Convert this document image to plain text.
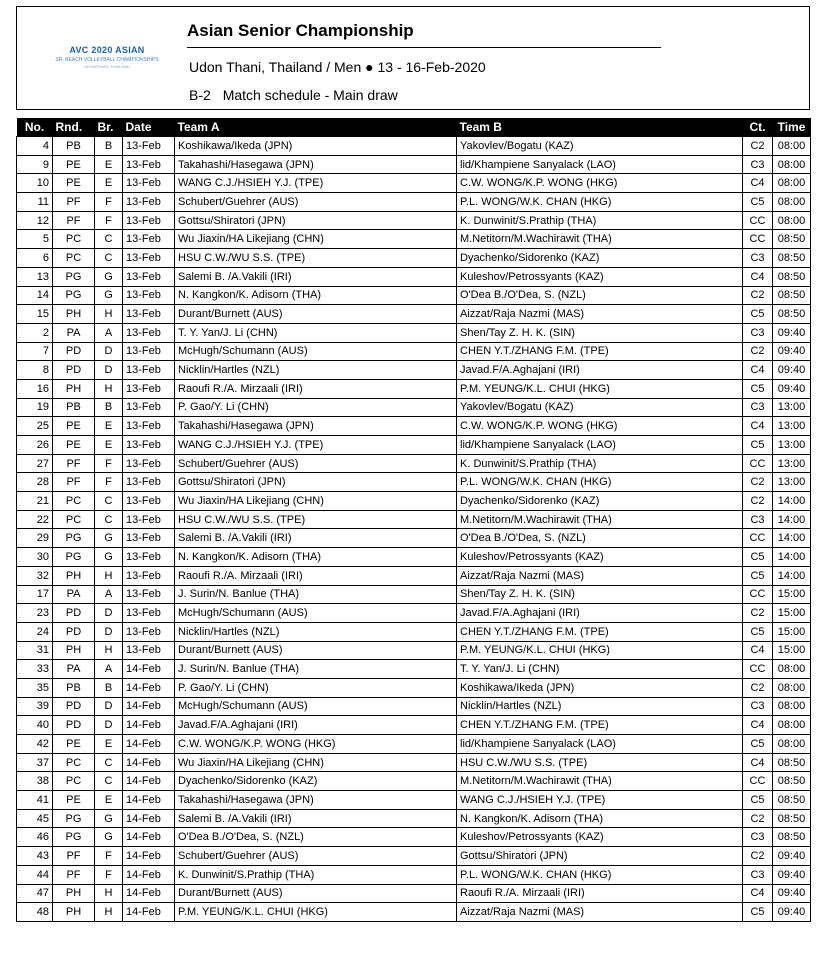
AVC 2020 ASIAN
SR. BEACH VOLLEYBALL CHAMPIONSHIPS
UDONTHANI, THAILAND
Asian Senior Championship
Udon Thani, Thailand / Men ● 13 - 16-Feb-2020
B-2 Match schedule - Main draw
No.	Rnd.	Br.	Date	Team A	Team B	Ct.	Time
4	PB	B	13-Feb	Koshikawa/Ikeda (JPN)	Yakovlev/Bogatu (KAZ)	C2	08:00
9	PE	E	13-Feb	Takahashi/Hasegawa (JPN)	lid/Khampiene Sanyalack (LAO)	C3	08:00
10	PE	E	13-Feb	WANG C.J./HSIEH Y.J. (TPE)	C.W. WONG/K.P. WONG (HKG)	C4	08:00
11	PF	F	13-Feb	Schubert/Guehrer (AUS)	P.L. WONG/W.K. CHAN (HKG)	C5	08:00
12	PF	F	13-Feb	Gottsu/Shiratori (JPN)	K. Dunwinit/S.Prathip (THA)	CC	08:00
5	PC	C	13-Feb	Wu Jiaxin/HA Likejiang (CHN)	M.Netitorn/M.Wachirawit (THA)	CC	08:50
6	PC	C	13-Feb	HSU C.W./WU S.S. (TPE)	Dyachenko/Sidorenko (KAZ)	C3	08:50
13	PG	G	13-Feb	Salemi B. /A.Vakili (IRI)	Kuleshov/Petrossyants (KAZ)	C4	08:50
14	PG	G	13-Feb	N. Kangkon/K. Adisorn (THA)	O'Dea B./O'Dea, S. (NZL)	C2	08:50
15	PH	H	13-Feb	Durant/Burnett (AUS)	Aizzat/Raja Nazmi (MAS)	C5	08:50
2	PA	A	13-Feb	T. Y. Yan/J. Li (CHN)	Shen/Tay Z. H. K. (SIN)	C3	09:40
7	PD	D	13-Feb	McHugh/Schumann (AUS)	CHEN Y.T./ZHANG F.M. (TPE)	C2	09:40
8	PD	D	13-Feb	Nicklin/Hartles (NZL)	Javad.F/A.Aghajani (IRI)	C4	09:40
16	PH	H	13-Feb	Raoufi R./A. Mirzaali (IRI)	P.M. YEUNG/K.L. CHUI (HKG)	C5	09:40
19	PB	B	13-Feb	P. Gao/Y. Li (CHN)	Yakovlev/Bogatu (KAZ)	C3	13:00
25	PE	E	13-Feb	Takahashi/Hasegawa (JPN)	C.W. WONG/K.P. WONG (HKG)	C4	13:00
26	PE	E	13-Feb	WANG C.J./HSIEH Y.J. (TPE)	lid/Khampiene Sanyalack (LAO)	C5	13:00
27	PF	F	13-Feb	Schubert/Guehrer (AUS)	K. Dunwinit/S.Prathip (THA)	CC	13:00
28	PF	F	13-Feb	Gottsu/Shiratori (JPN)	P.L. WONG/W.K. CHAN (HKG)	C2	13:00
21	PC	C	13-Feb	Wu Jiaxin/HA Likejiang (CHN)	Dyachenko/Sidorenko (KAZ)	C2	14:00
22	PC	C	13-Feb	HSU C.W./WU S.S. (TPE)	M.Netitorn/M.Wachirawit (THA)	C3	14:00
29	PG	G	13-Feb	Salemi B. /A.Vakili (IRI)	O'Dea B./O'Dea, S. (NZL)	CC	14:00
30	PG	G	13-Feb	N. Kangkon/K. Adisorn (THA)	Kuleshov/Petrossyants (KAZ)	C5	14:00
32	PH	H	13-Feb	Raoufi R./A. Mirzaali (IRI)	Aizzat/Raja Nazmi (MAS)	C5	14:00
17	PA	A	13-Feb	J. Surin/N. Banlue (THA)	Shen/Tay Z. H. K. (SIN)	CC	15:00
23	PD	D	13-Feb	McHugh/Schumann (AUS)	Javad.F/A.Aghajani (IRI)	C2	15:00
24	PD	D	13-Feb	Nicklin/Hartles (NZL)	CHEN Y.T./ZHANG F.M. (TPE)	C5	15:00
31	PH	H	13-Feb	Durant/Burnett (AUS)	P.M. YEUNG/K.L. CHUI (HKG)	C4	15:00
33	PA	A	14-Feb	J. Surin/N. Banlue (THA)	T. Y. Yan/J. Li (CHN)	CC	08:00
35	PB	B	14-Feb	P. Gao/Y. Li (CHN)	Koshikawa/Ikeda (JPN)	C2	08:00
39	PD	D	14-Feb	McHugh/Schumann (AUS)	Nicklin/Hartles (NZL)	C3	08:00
40	PD	D	14-Feb	Javad.F/A.Aghajani (IRI)	CHEN Y.T./ZHANG F.M. (TPE)	C4	08:00
42	PE	E	14-Feb	C.W. WONG/K.P. WONG (HKG)	lid/Khampiene Sanyalack (LAO)	C5	08:00
37	PC	C	14-Feb	Wu Jiaxin/HA Likejiang (CHN)	HSU C.W./WU S.S. (TPE)	C4	08:50
38	PC	C	14-Feb	Dyachenko/Sidorenko (KAZ)	M.Netitorn/M.Wachirawit (THA)	CC	08:50
41	PE	E	14-Feb	Takahashi/Hasegawa (JPN)	WANG C.J./HSIEH Y.J. (TPE)	C5	08:50
45	PG	G	14-Feb	Salemi B. /A.Vakili (IRI)	N. Kangkon/K. Adisorn (THA)	C2	08:50
46	PG	G	14-Feb	O'Dea B./O'Dea, S. (NZL)	Kuleshov/Petrossyants (KAZ)	C3	08:50
43	PF	F	14-Feb	Schubert/Guehrer (AUS)	Gottsu/Shiratori (JPN)	C2	09:40
44	PF	F	14-Feb	K. Dunwinit/S.Prathip (THA)	P.L. WONG/W.K. CHAN (HKG)	C3	09:40
47	PH	H	14-Feb	Durant/Burnett (AUS)	Raoufi R./A. Mirzaali (IRI)	C4	09:40
48	PH	H	14-Feb	P.M. YEUNG/K.L. CHUI (HKG)	Aizzat/Raja Nazmi (MAS)	C5	09:40
